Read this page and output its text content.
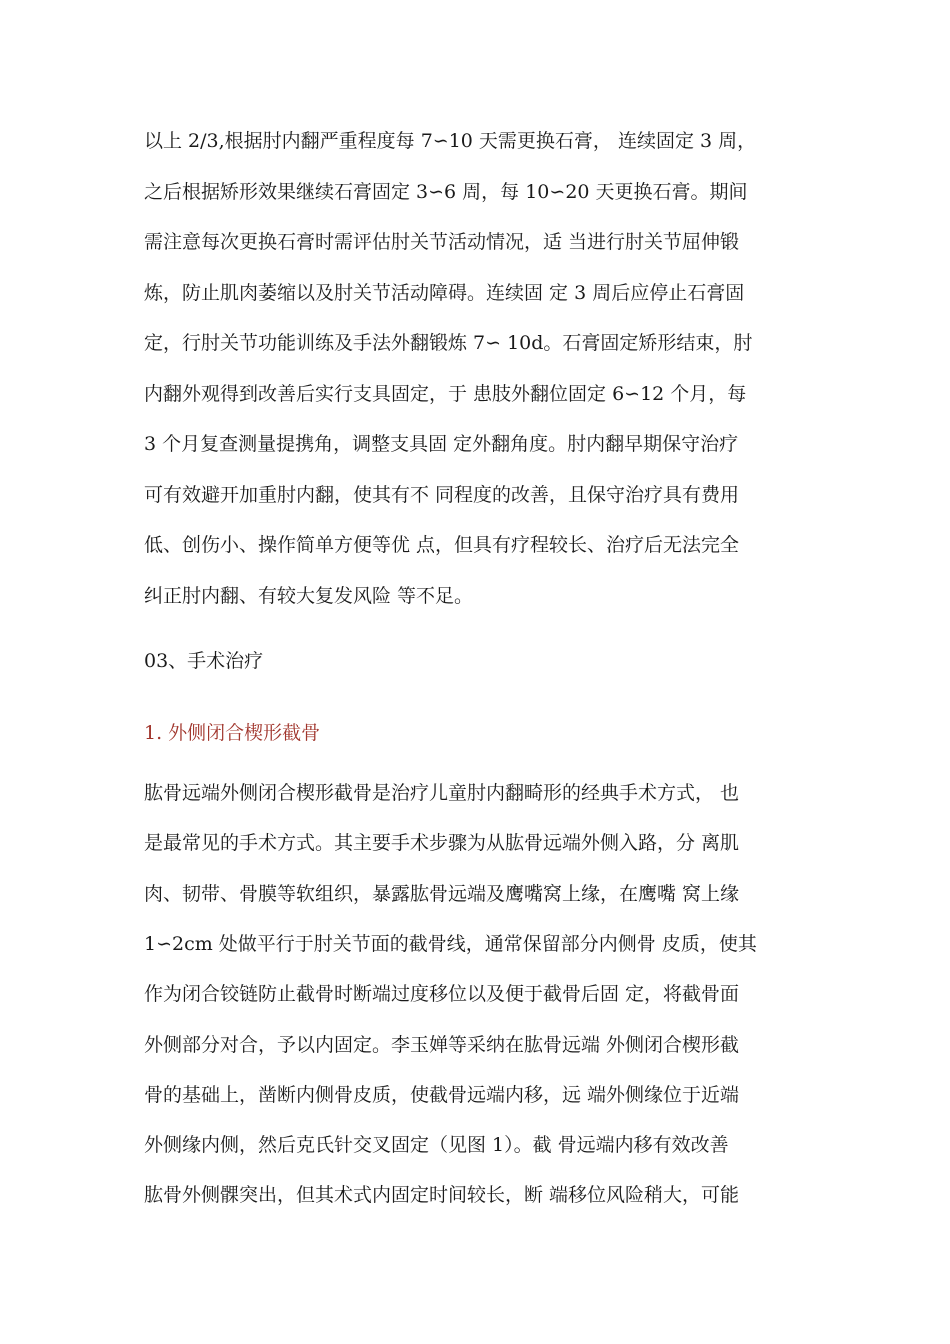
以上 2/3,根据肘内翻严重程度每 7∽10 天需更换石膏， 连续固定 3 周，
之后根据矫形效果继续石膏固定 3∽6 周，每 10∽20 天更换石膏。期间
需注意每次更换石膏时需评估肘关节活动情况，适 当进行肘关节屈伸锻
炼，防止肌肉萎缩以及肘关节活动障碍。连续固 定 3 周后应停止石膏固
定，行肘关节功能训练及手法外翻锻炼 7∽ 10d。石膏固定矫形结束，肘
内翻外观得到改善后实行支具固定，于 患肢外翻位固定 6∽12 个月，每
3 个月复查测量提携角，调整支具固 定外翻角度。肘内翻早期保守治疗
可有效避开加重肘内翻，使其有不 同程度的改善，且保守治疗具有费用
低、创伤小、操作简单方便等优 点，但具有疗程较长、治疗后无法完全
纠正肘内翻、有较大复发风险 等不足。
03、手术治疗
1. 外侧闭合楔形截骨
肱骨远端外侧闭合楔形截骨是治疗儿童肘内翻畸形的经典手术方式， 也
是最常见的手术方式。其主要手术步骤为从肱骨远端外侧入路，分 离肌
肉、韧带、骨膜等软组织，暴露肱骨远端及鹰嘴窝上缘，在鹰嘴 窝上缘
1∽2cm 处做平行于肘关节面的截骨线，通常保留部分内侧骨 皮质，使其
作为闭合铰链防止截骨时断端过度移位以及便于截骨后固 定，将截骨面
外侧部分对合，予以内固定。李玉婵等采纳在肱骨远端 外侧闭合楔形截
骨的基础上，凿断内侧骨皮质，使截骨远端内移，远 端外侧缘位于近端
外侧缘内侧，然后克氏针交叉固定（见图 1）。截 骨远端内移有效改善
肱骨外侧髁突出，但其术式内固定时间较长，断 端移位风险稍大，可能
